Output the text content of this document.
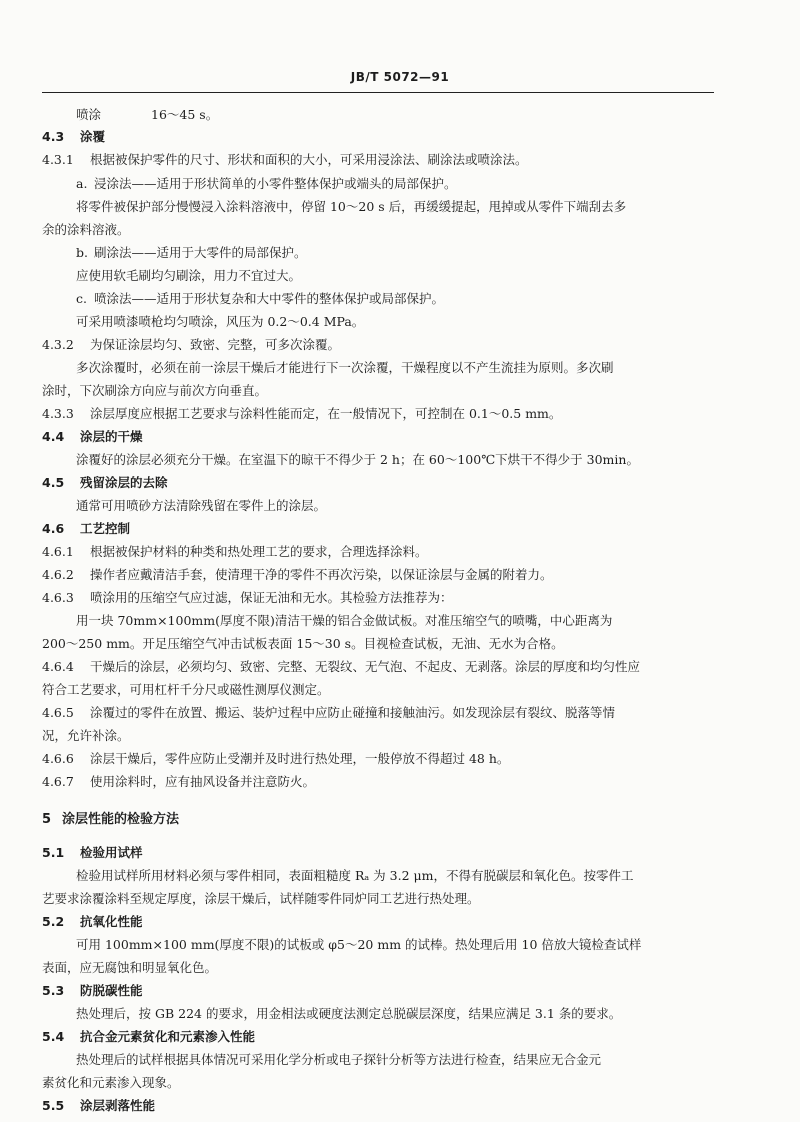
JB/T 5072—91
喷涂	16～45 s。
4.3 涂覆
4.3.1 根据被保护零件的尺寸、形状和面积的大小，可采用浸涂法、刷涂法或喷涂法。
a. 浸涂法——适用于形状简单的小零件整体保护或端头的局部保护。
将零件被保护部分慢慢浸入涂料溶液中，停留 10～20 s 后，再缓缓提起，甩掉或从零件下端刮去多
余的涂料溶液。
b. 刷涂法——适用于大零件的局部保护。
应使用软毛刷均匀刷涂，用力不宜过大。
c. 喷涂法——适用于形状复杂和大中零件的整体保护或局部保护。
可采用喷漆喷枪均匀喷涂，风压为 0.2～0.4 MPa。
4.3.2 为保证涂层均匀、致密、完整，可多次涂覆。
多次涂覆时，必须在前一涂层干燥后才能进行下一次涂覆，干燥程度以不产生流挂为原则。多次刷
涂时，下次刷涂方向应与前次方向垂直。
4.3.3 涂层厚度应根据工艺要求与涂料性能而定，在一般情况下，可控制在 0.1～0.5 mm。
4.4 涂层的干燥
涂覆好的涂层必须充分干燥。在室温下的晾干不得少于 2 h；在 60～100℃下烘干不得少于 30min。
4.5 残留涂层的去除
通常可用喷砂方法清除残留在零件上的涂层。
4.6 工艺控制
4.6.1 根据被保护材料的种类和热处理工艺的要求，合理选择涂料。
4.6.2 操作者应戴清洁手套，使清理干净的零件不再次污染，以保证涂层与金属的附着力。
4.6.3 喷涂用的压缩空气应过滤，保证无油和无水。其检验方法推荐为：
用一块 70mm×100mm(厚度不限)清洁干燥的铝合金做试板。对准压缩空气的喷嘴，中心距离为
200～250 mm。开足压缩空气冲击试板表面 15～30 s。目视检查试板，无油、无水为合格。
4.6.4 干燥后的涂层，必须均匀、致密、完整、无裂纹、无气泡、不起皮、无剥落。涂层的厚度和均匀性应
符合工艺要求，可用杠杆千分尺或磁性测厚仪测定。
4.6.5 涂覆过的零件在放置、搬运、装炉过程中应防止碰撞和接触油污。如发现涂层有裂纹、脱落等情
况，允许补涂。
4.6.6 涂层干燥后，零件应防止受潮并及时进行热处理，一般停放不得超过 48 h。
4.6.7 使用涂料时，应有抽风设备并注意防火。
5 涂层性能的检验方法
5.1 检验用试样
检验用试样所用材料必须与零件相同，表面粗糙度 Rₐ 为 3.2 μm，不得有脱碳层和氧化色。按零件工
艺要求涂覆涂料至规定厚度，涂层干燥后，试样随零件同炉同工艺进行热处理。
5.2 抗氧化性能
可用 100mm×100 mm(厚度不限)的试板或 φ5～20 mm 的试棒。热处理后用 10 倍放大镜检查试样
表面，应无腐蚀和明显氧化色。
5.3 防脱碳性能
热处理后，按 GB 224 的要求，用金相法或硬度法测定总脱碳层深度，结果应满足 3.1 条的要求。
5.4 抗合金元素贫化和元素渗入性能
热处理后的试样根据具体情况可采用化学分析或电子探针分析等方法进行检查，结果应无合金元
素贫化和元素渗入现象。
5.5 涂层剥落性能
